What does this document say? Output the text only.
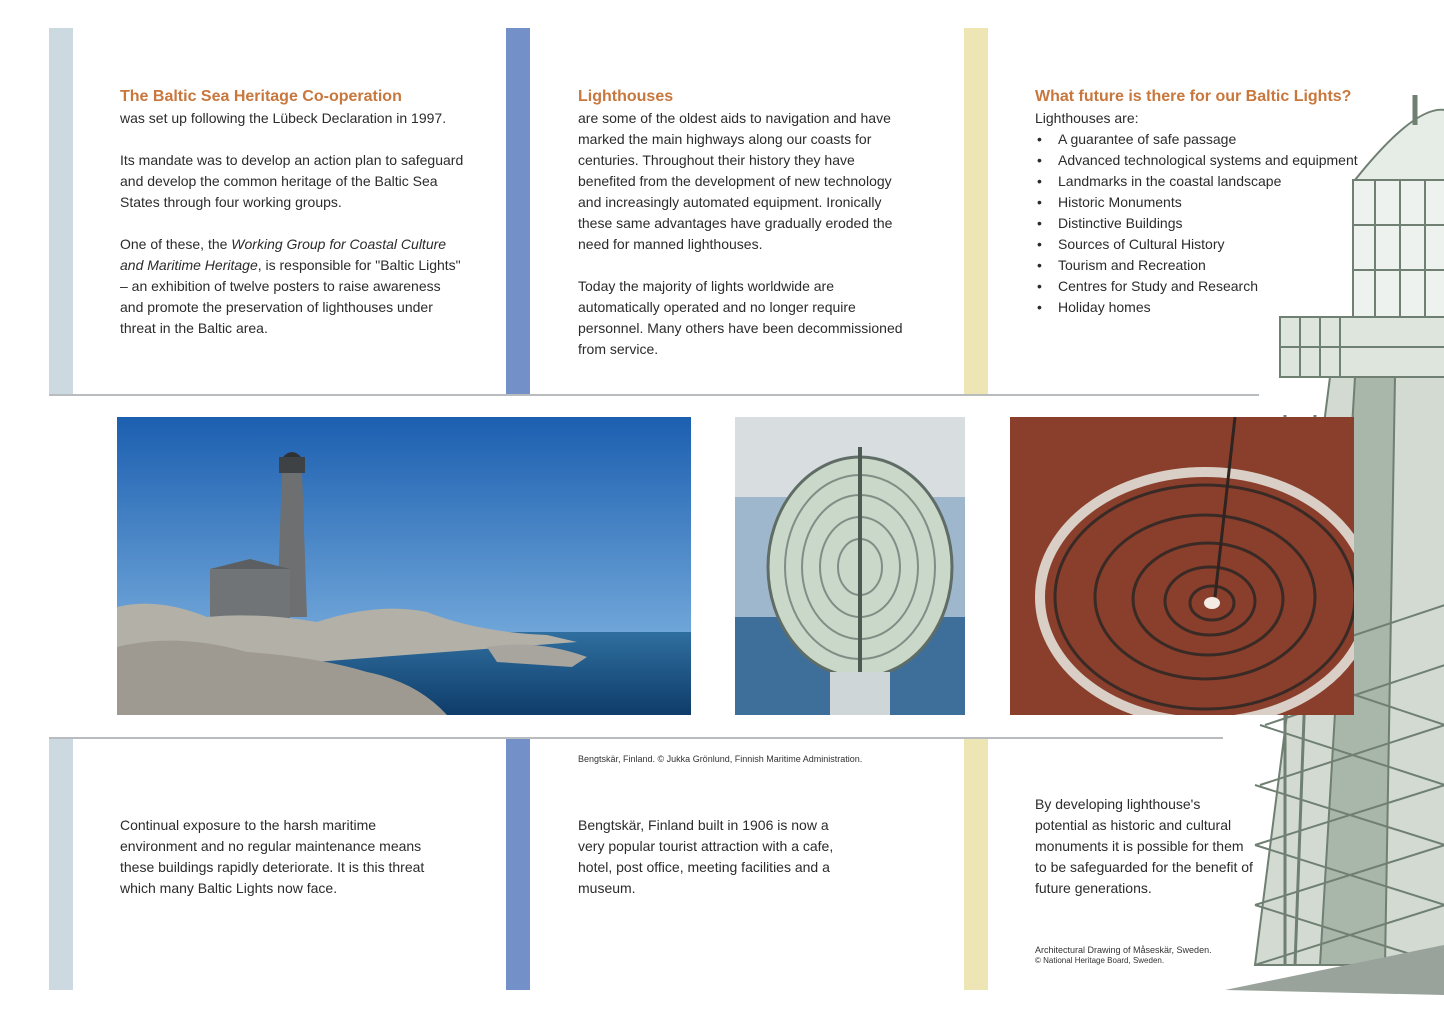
The Baltic Sea Heritage Co-operation

was set up following the Lübeck Declaration in 1997.

Its mandate was to develop an action plan to safeguard and develop the common heritage of the Baltic Sea States through four working groups.

One of these, the Working Group for Coastal Culture and Maritime Heritage, is responsible for "Baltic Lights" – an exhibition of twelve posters to raise awareness and promote the preservation of lighthouses under threat in the Baltic area.

Lighthouses

are some of the oldest aids to navigation and have marked the main highways along our coasts for centuries. Throughout their history they have benefited from the development of new technology and increasingly automated equipment. Ironically these same advantages have gradually eroded the need for manned lighthouses.

Today the majority of lights worldwide are automatically operated and no longer require personnel. Many others have been decommissioned from service.

What future is there for our Baltic Lights?
Lighthouses are:
• A guarantee of safe passage
• Advanced technological systems and equipment
• Landmarks in the coastal landscape
• Historic Monuments
• Distinctive Buildings
• Sources of Cultural History
• Tourism and Recreation
• Centres for Study and Research
• Holiday homes
Bengtskär, Finland. © Jukka Grönlund, Finnish Maritime Administration.

Continual exposure to the harsh maritime environment and no regular maintenance means these buildings rapidly deteriorate. It is this threat which many Baltic Lights now face.

Bengtskär, Finland built in 1906 is now a very popular tourist attraction with a cafe, hotel, post office, meeting facilities and a museum.

By developing lighthouse's potential as historic and cultural monuments it is possible for them to be safeguarded for the benefit of future generations.

Architectural Drawing of Måseskär, Sweden.
© National Heritage Board, Sweden.
